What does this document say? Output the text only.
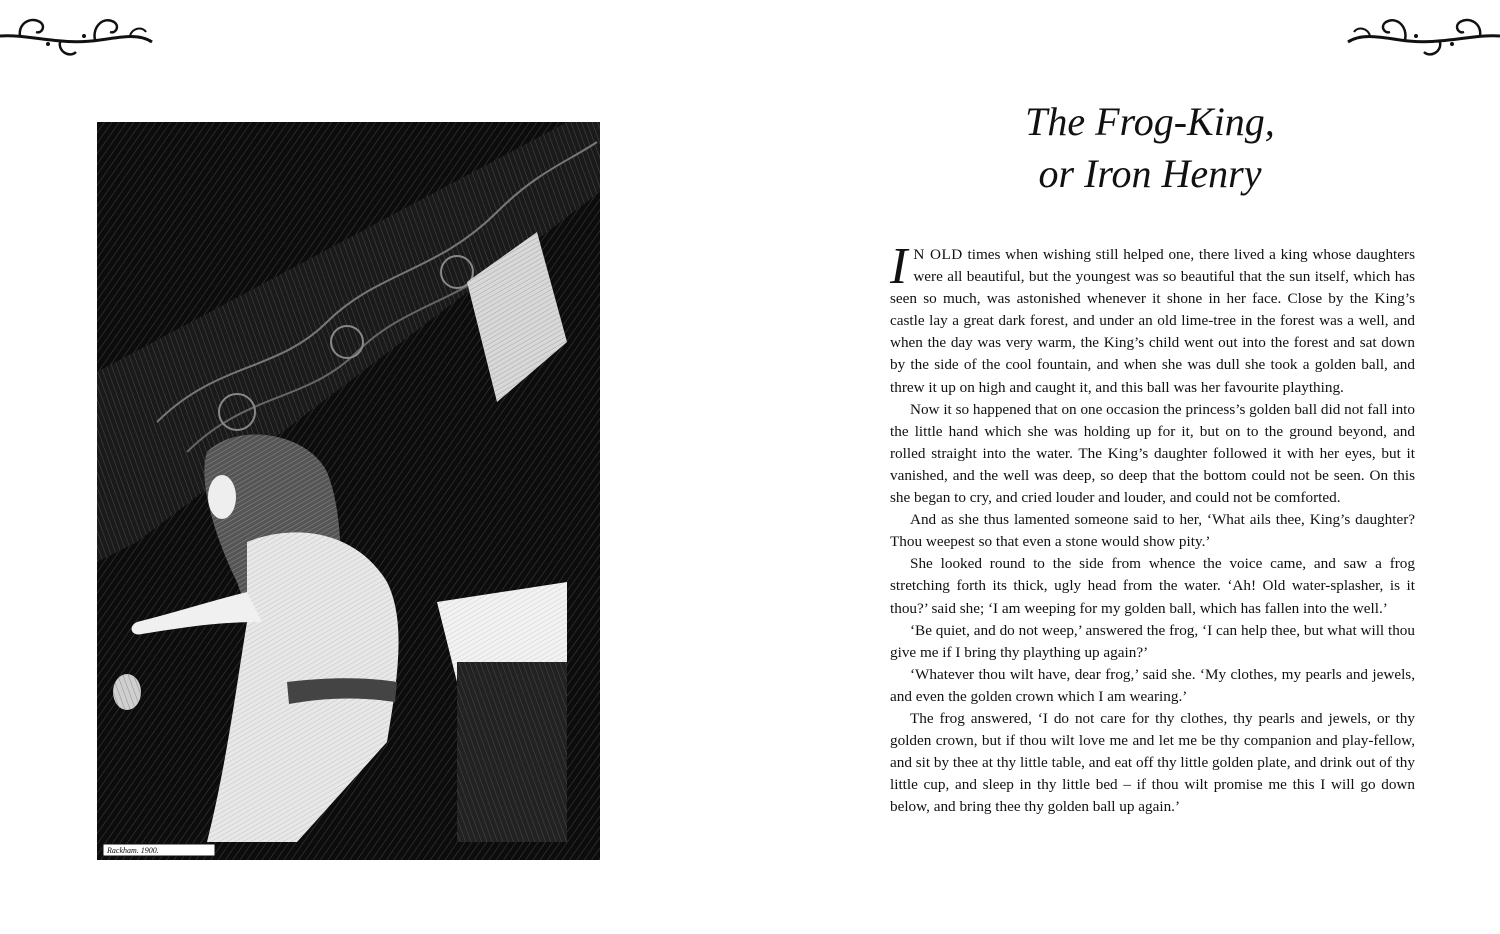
Rackham. 1900.
The Frog-King,
or Iron Henry

I N OLD times when wishing still helped one, there lived a king whose daughters were all beautiful, but the youngest was so beautiful that the sun itself, which has seen so much, was astonished whenever it shone in her face. Close by the King’s castle lay a great dark forest, and under an old lime-tree in the forest was a well, and when the day was very warm, the King’s child went out into the forest and sat down by the side of the cool fountain, and when she was dull she took a golden ball, and threw it up on high and caught it, and this ball was her favourite plaything.

Now it so happened that on one occasion the princess’s golden ball did not fall into the little hand which she was holding up for it, but on to the ground beyond, and rolled straight into the water. The King’s daughter followed it with her eyes, but it vanished, and the well was deep, so deep that the bottom could not be seen. On this she began to cry, and cried louder and louder, and could not be comforted.

And as she thus lamented someone said to her, ‘What ails thee, King’s daughter? Thou weepest so that even a stone would show pity.’

She looked round to the side from whence the voice came, and saw a frog stretching forth its thick, ugly head from the water. ‘Ah! Old water-splasher, is it thou?’ said she; ‘I am weeping for my golden ball, which has fallen into the well.’

‘Be quiet, and do not weep,’ answered the frog, ‘I can help thee, but what will thou give me if I bring thy plaything up again?’

‘Whatever thou wilt have, dear frog,’ said she. ‘My clothes, my pearls and jewels, and even the golden crown which I am wearing.’

The frog answered, ‘I do not care for thy clothes, thy pearls and jewels, or thy golden crown, but if thou wilt love me and let me be thy companion and play-fellow, and sit by thee at thy little table, and eat off thy little golden plate, and drink out of thy little cup, and sleep in thy little bed – if thou wilt promise me this I will go down below, and bring thee thy golden ball up again.’
